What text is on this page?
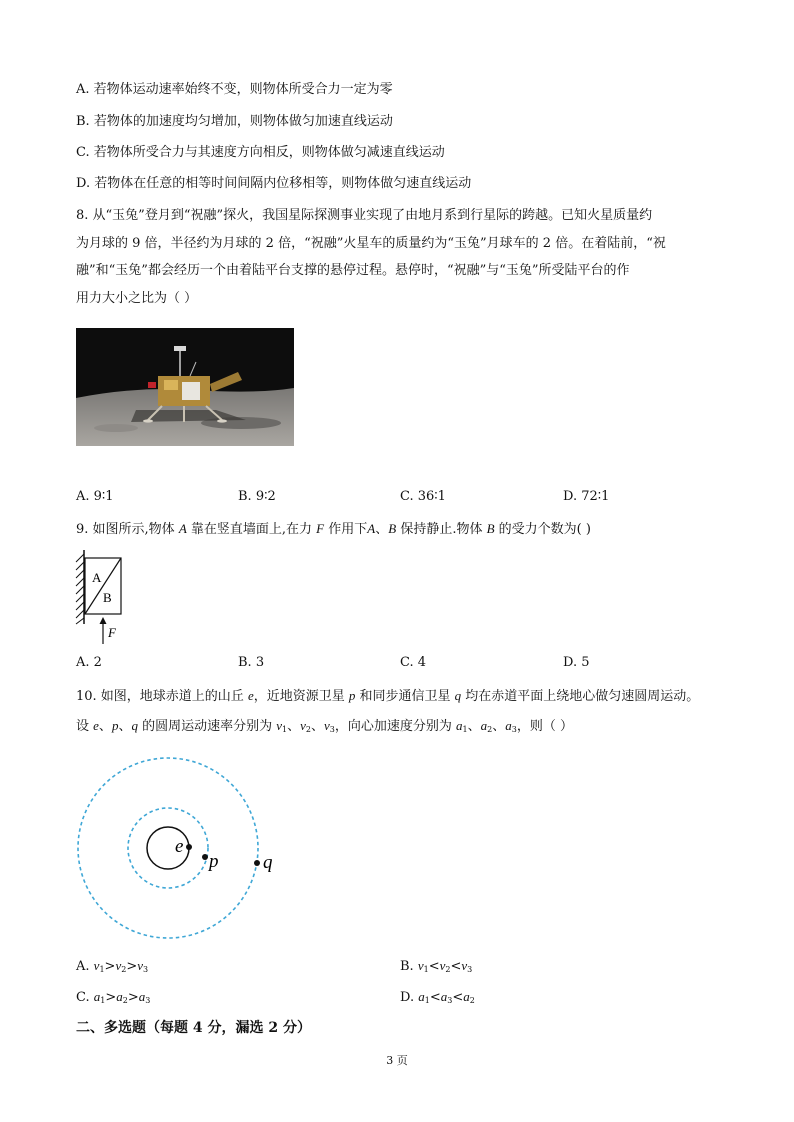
A. 若物体运动速率始终不变，则物体所受合力一定为零
B. 若物体的加速度均匀增加，则物体做匀加速直线运动
C. 若物体所受合力与其速度方向相反，则物体做匀减速直线运动
D. 若物体在任意的相等时间间隔内位移相等，则物体做匀速直线运动
8. 从“玉兔”登月到“祝融”探火，我国星际探测事业实现了由地月系到行星际的跨越。已知火星质量约
为月球的 9 倍，半径约为月球的 2 倍，“祝融”火星车的质量约为“玉兔”月球车的 2 倍。在着陆前，“祝
融”和“玉兔”都会经历一个由着陆平台支撑的悬停过程。悬停时，“祝融”与“玉兔”所受陆平台的作
用力大小之比为（ ）
A. 9∶1	B. 9∶2	C. 36∶1	D. 72∶1
9. 如图所示,物体 A 靠在竖直墙面上,在力 F 作用下A、B 保持静止.物体 B 的受力个数为( )
A
B
F
A. 2	B. 3	C. 4	D. 5
10. 如图，地球赤道上的山丘 e，近地资源卫星 p 和同步通信卫星 q 均在赤道平面上绕地心做匀速圆周运动。
设 e、p、q 的圆周运动速率分别为 $v_1$、$v_2$、$v_3$，向心加速度分别为 $a_1$、$a_2$、$a_3$，则（ ）
e
p q
A. $v_1>v_2>v_3$	B. $v_1<v_2<v_3$
C. $a_1>a_2>a_3$	D. $a_1<a_3<a_2$
二、多选题（每题 4 分，漏选 2 分）
3 页
